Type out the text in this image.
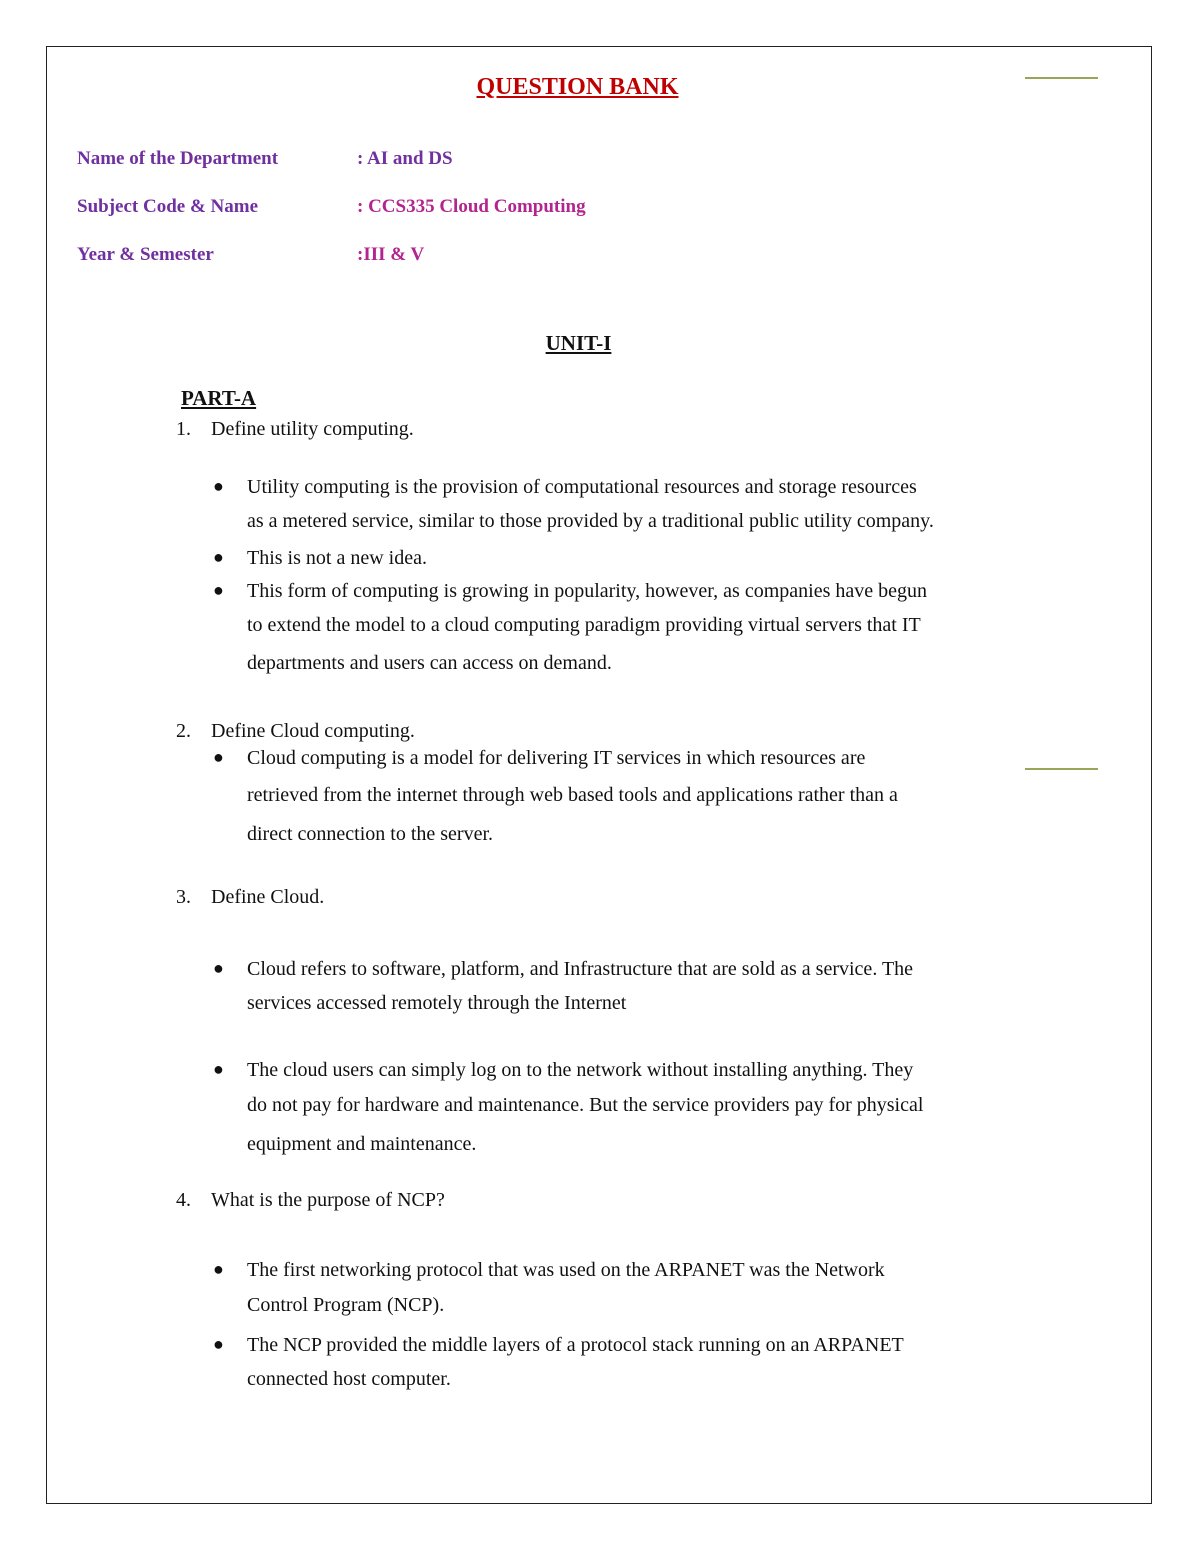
QUESTION BANK
Name of the Department	: AI and DS
Subject Code & Name	: CCS335 Cloud Computing
Year & Semester	:III & V
UNIT-I
PART-A
1. Define utility computing.
● Utility computing is the provision of computational resources and storage resources
as a metered service, similar to those provided by a traditional public utility company.
● This is not a new idea.
● This form of computing is growing in popularity, however, as companies have begun
to extend the model to a cloud computing paradigm providing virtual servers that IT
departments and users can access on demand.
2. Define Cloud computing.
● Cloud computing is a model for delivering IT services in which resources are
retrieved from the internet through web based tools and applications rather than a
direct connection to the server.
3. Define Cloud.
● Cloud refers to software, platform, and Infrastructure that are sold as a service. The
services accessed remotely through the Internet
● The cloud users can simply log on to the network without installing anything. They
do not pay for hardware and maintenance. But the service providers pay for physical
equipment and maintenance.
4. What is the purpose of NCP?
● The first networking protocol that was used on the ARPANET was the Network
Control Program (NCP).
● The NCP provided the middle layers of a protocol stack running on an ARPANET
connected host computer.
